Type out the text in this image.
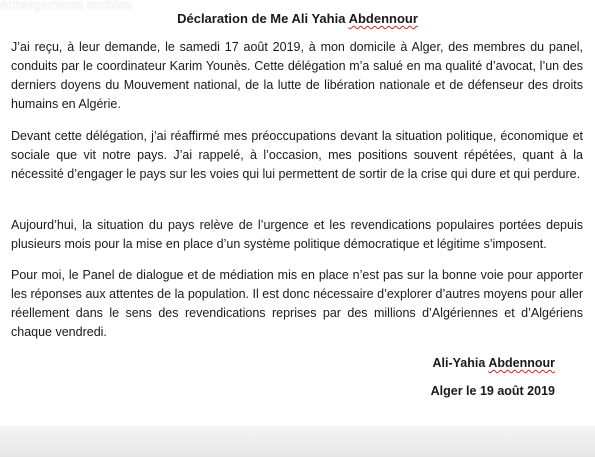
échargements mobiles
Déclaration de Me Ali Yahia Abdennour

J’ai reçu, à leur demande, le samedi 17 août 2019, à mon domicile à Alger, des membres du panel, conduits par le coordinateur Karim Younès. Cette délégation m’a salué en ma qualité d’avocat, l’un des derniers doyens du Mouvement national, de la lutte de libération nationale et de défenseur des droits humains en Algérie.

Devant cette délégation, j’ai réaffirmé mes préoccupations devant la situation politique, économique et sociale que vit notre pays. J’ai rappelé, à l’occasion, mes positions souvent répétées, quant à la nécessité d’engager le pays sur les voies qui lui permettent de sortir de la crise qui dure et qui perdure.

Aujourd’hui, la situation du pays relève de l’urgence et les revendications populaires portées depuis plusieurs mois pour la mise en place d’un système politique démocratique et légitime s’imposent.

Pour moi, le Panel de dialogue et de médiation mis en place n’est pas sur la bonne voie pour apporter les réponses aux attentes de la population. Il est donc nécessaire d’explorer d’autres moyens pour aller réellement dans le sens des revendications reprises par des millions d’Algériennes et d’Algériens chaque vendredi.

Ali-Yahia Abdennour
Alger le 19 août 2019
